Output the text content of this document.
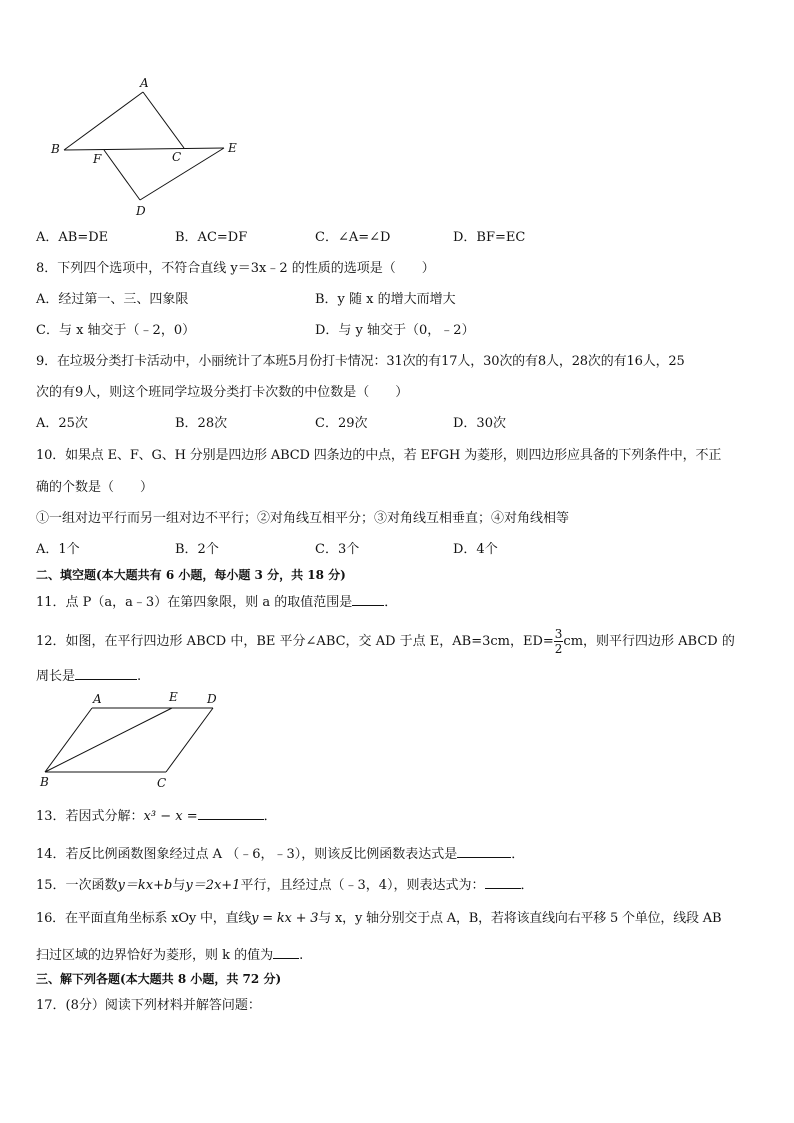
A
B
F	C
E
D
A．AB=DE	B．AC=DF	C．∠A=∠D	D．BF=EC
8．下列四个选项中，不符合直线 y＝3x﹣2 的性质的选项是（　　）
A．经过第一、三、四象限	B．y 随 x 的增大而增大
C．与 x 轴交于（﹣2，0）	D．与 y 轴交于（0，﹣2）
9．在垃圾分类打卡活动中，小丽统计了本班5月份打卡情况：31次的有17人，30次的有8人，28次的有16人，25
次的有9人，则这个班同学垃圾分类打卡次数的中位数是（　　）
A．25次	B．28次	C．29次	D．30次
10．如果点 E、F、G、H 分别是四边形 ABCD 四条边的中点，若 EFGH 为菱形，则四边形应具备的下列条件中，不正
确的个数是（　　）
①一组对边平行而另一组对边不平行；②对角线互相平分；③对角线互相垂直；④对角线相等
A．1个	B．2个	C．3个	D．4个
二、填空题(本大题共有 6 小题，每小题 3 分，共 18 分)
11．点 P（a，a﹣3）在第四象限，则 a 的取值范围是 ．
12．如图，在平行四边形 ABCD 中，BE 平分∠ABC，交 AD 于点 E，AB=3cm，$ED= \frac{3}{2}$ cm，则平行四边形 ABCD 的
周长是	.
A	E D
B	C
13．若因式分解：x³ − x =	．
14．若反比例函数图象经过点 A （﹣6，﹣3），则该反比例函数表达式是	．
15．一次函数y＝kx+b与y＝2x+1平行，且经过点（﹣3，4），则表达式为：	．
16．在平面直角坐标系 xOy 中，直线y = kx + 3与 x，y 轴分别交于点 A，B，若将该直线向右平移 5 个单位，线段 AB
扫过区域的边界恰好为菱形，则 k 的值为 .
三、解下列各题(本大题共 8 小题，共 72 分)
17．(8分）阅读下列材料并解答问题：
